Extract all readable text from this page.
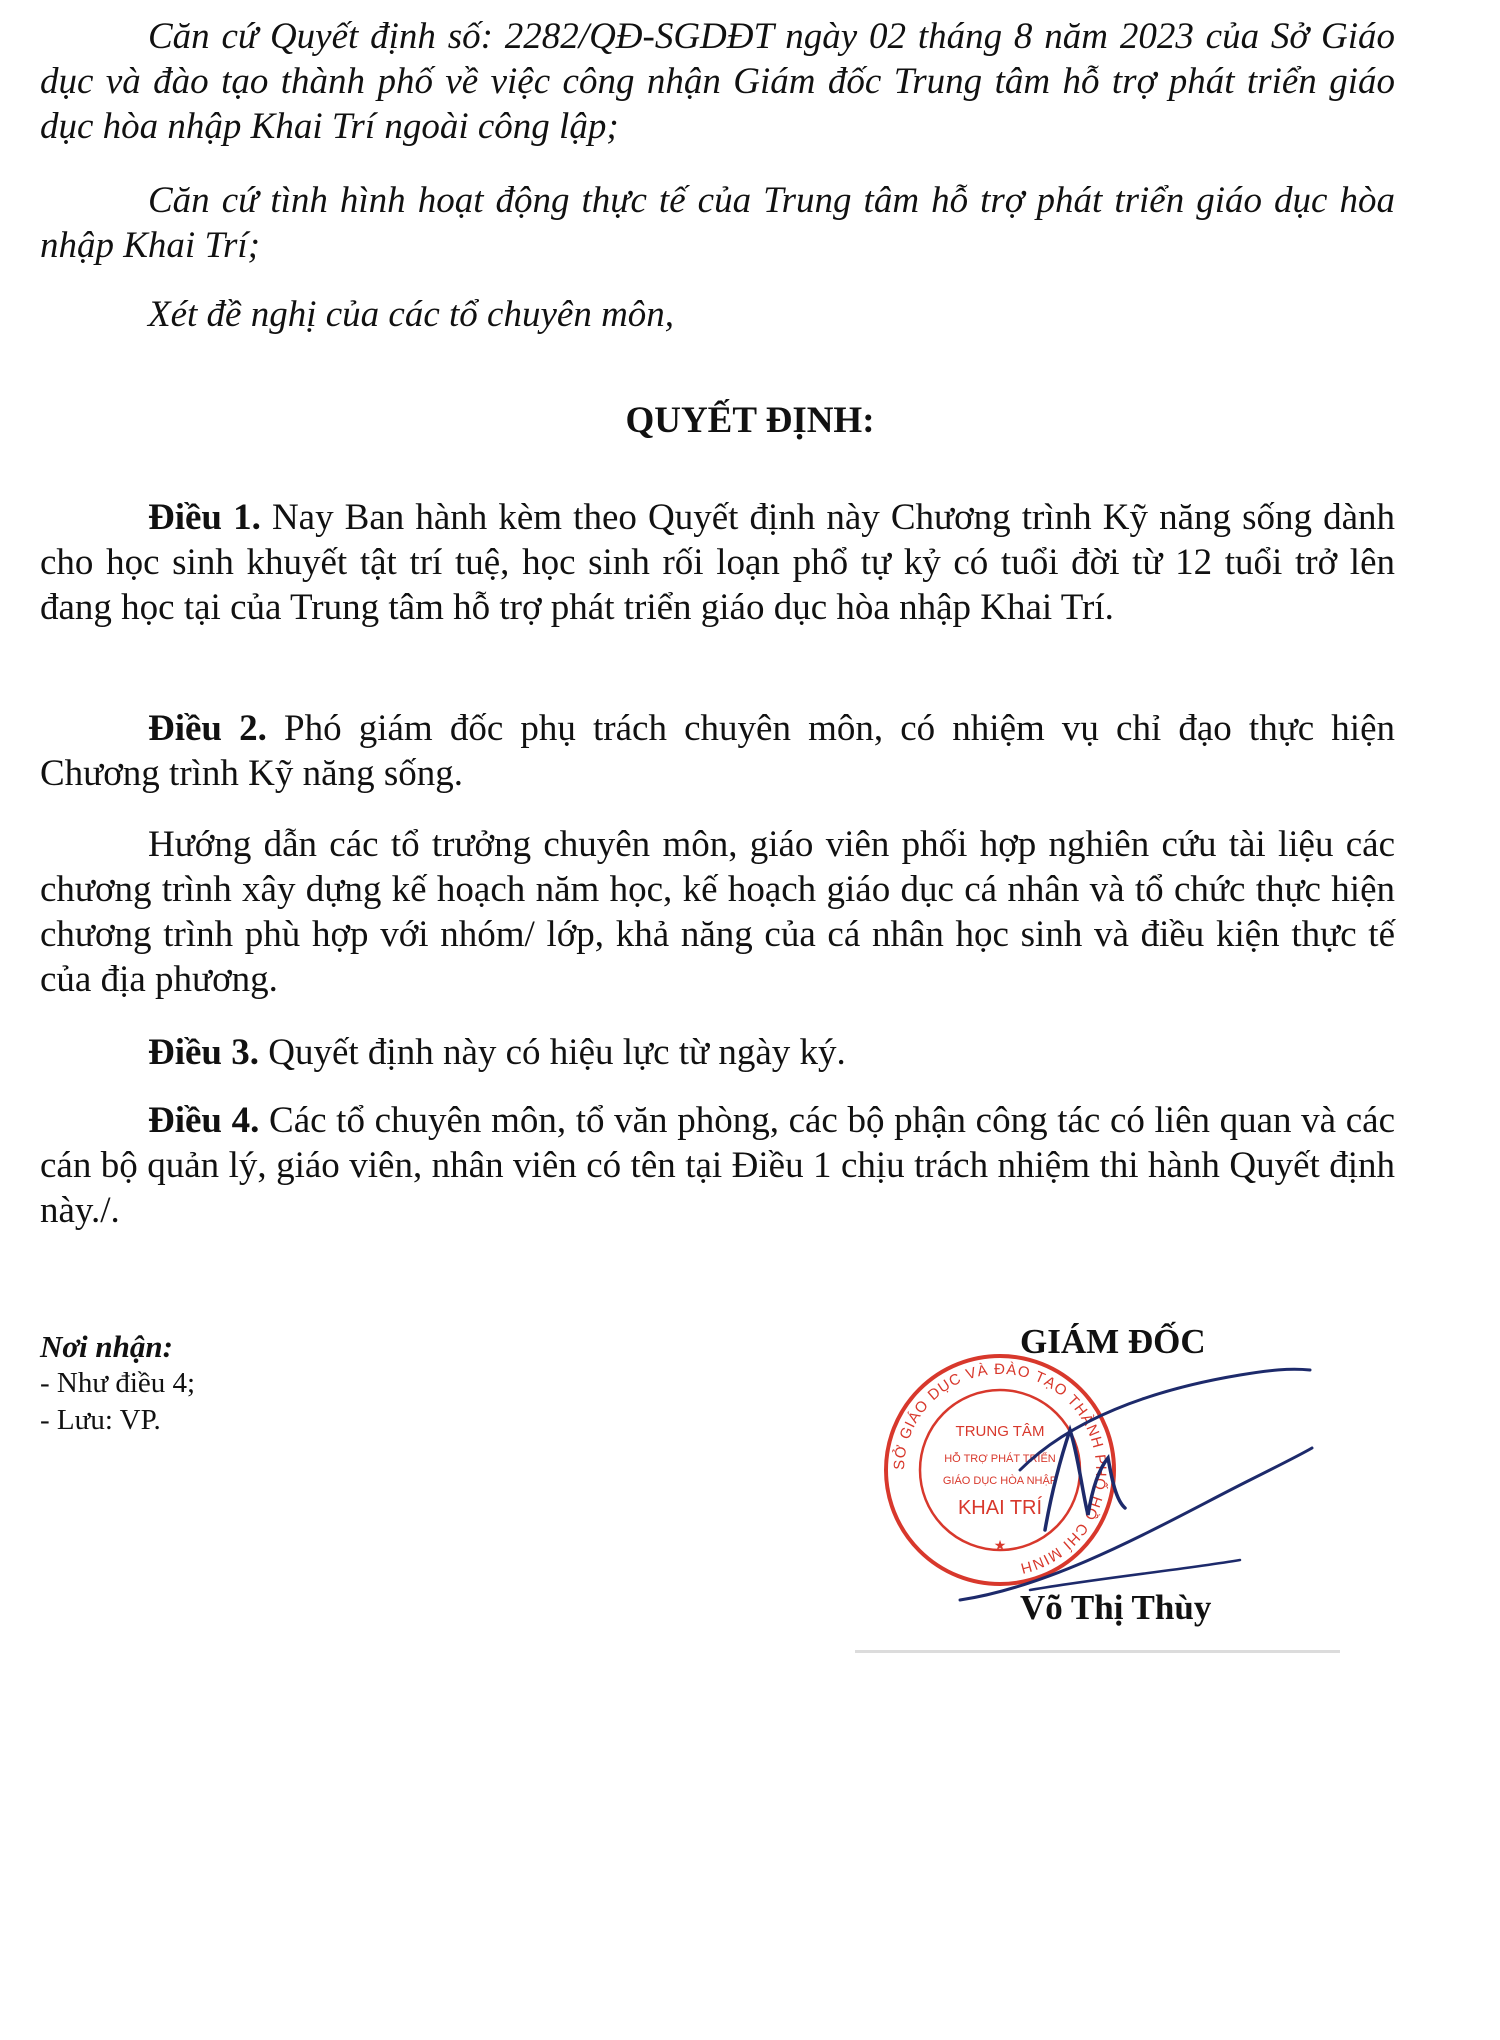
Căn cứ Quyết định số: 2282/QĐ-SGDĐT ngày 02 tháng 8 năm 2023 của Sở Giáo dục và đào tạo thành phố về việc công nhận Giám đốc Trung tâm hỗ trợ phát triển giáo dục hòa nhập Khai Trí ngoài công lập;

Căn cứ tình hình hoạt động thực tế của Trung tâm hỗ trợ phát triển giáo dục hòa nhập Khai Trí;

Xét đề nghị của các tổ chuyên môn,

QUYẾT ĐỊNH:

Điều 1. Nay Ban hành kèm theo Quyết định này Chương trình Kỹ năng sống dành cho học sinh khuyết tật trí tuệ, học sinh rối loạn phổ tự kỷ có tuổi đời từ 12 tuổi trở lên đang học tại của Trung tâm hỗ trợ phát triển giáo dục hòa nhập Khai Trí.

Điều 2. Phó giám đốc phụ trách chuyên môn, có nhiệm vụ chỉ đạo thực hiện Chương trình Kỹ năng sống.

Hướng dẫn các tổ trưởng chuyên môn, giáo viên phối hợp nghiên cứu tài liệu các chương trình xây dựng kế hoạch năm học, kế hoạch giáo dục cá nhân và tổ chức thực hiện chương trình phù hợp với nhóm/ lớp, khả năng của cá nhân học sinh và điều kiện thực tế của địa phương.

Điều 3. Quyết định này có hiệu lực từ ngày ký.

Điều 4. Các tổ chuyên môn, tổ văn phòng, các bộ phận công tác có liên quan và các cán bộ quản lý, giáo viên, nhân viên có tên tại Điều 1 chịu trách nhiệm thi hành Quyết định này./.

Nơi nhận:
- Như điều 4;
- Lưu: VP.
GIÁM ĐỐC
SỞ GIÁO DỤC VÀ ĐÀO TẠO THÀNH PHỐ HỒ CHÍ MINH
TRUNG TÂM
HỖ TRỢ PHÁT TRIỂN
GIÁO DỤC HÒA NHẬP
KHAI TRÍ
★
Võ Thị Thùy
